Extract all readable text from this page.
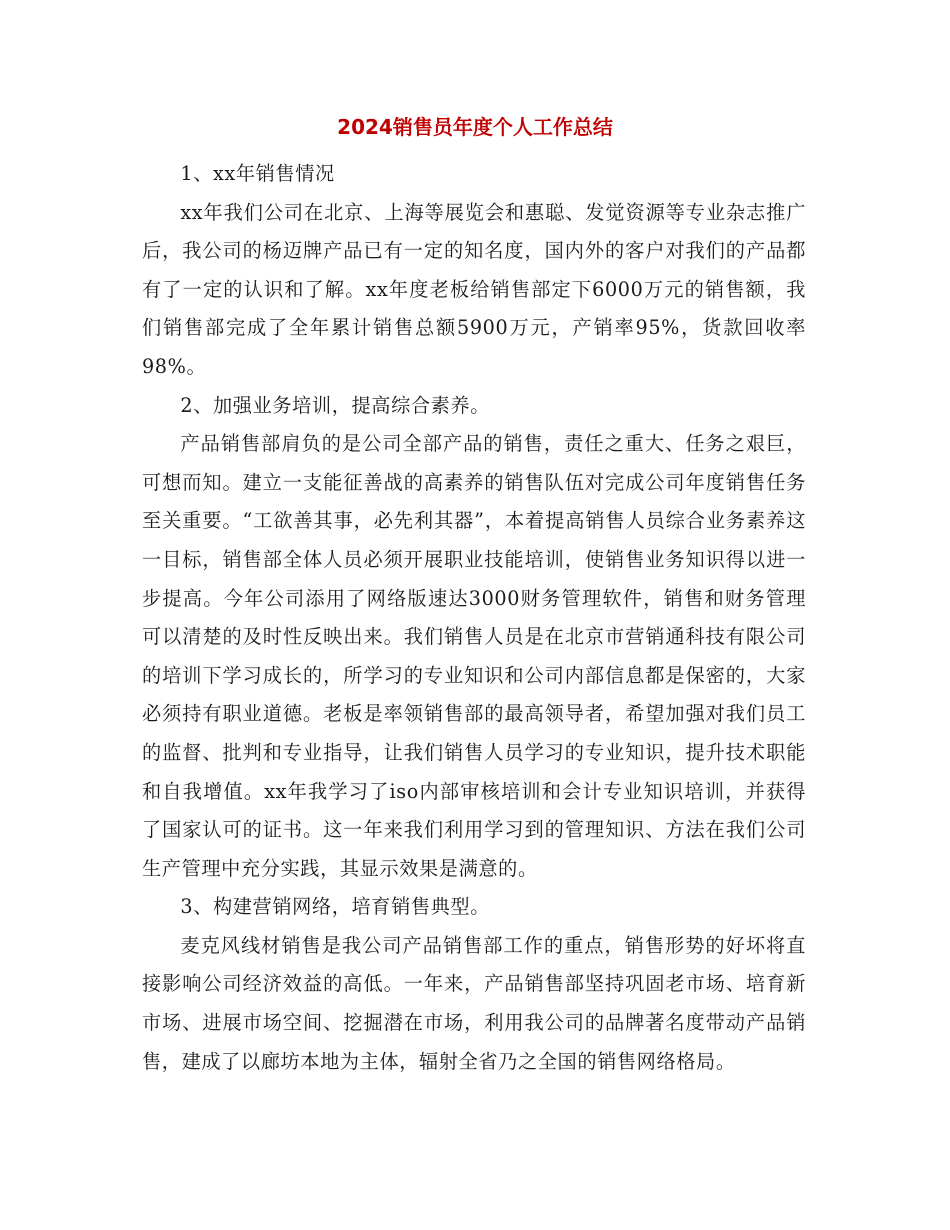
2024销售员年度个人工作总结

1、xx年销售情况

xx年我们公司在北京、上海等展览会和惠聪、发觉资源等专业杂志推广后，我公司的杨迈牌产品已有一定的知名度，国内外的客户对我们的产品都有了一定的认识和了解。xx年度老板给销售部定下6000万元的销售额，我们销售部完成了全年累计销售总额5900万元，产销率95%，货款回收率 98%。

2、加强业务培训，提高综合素养。

产品销售部肩负的是公司全部产品的销售，责任之重大、任务之艰巨，可想而知。建立一支能征善战的高素养的销售队伍对完成公司年度销售任务至关重要。“工欲善其事，必先利其器”，本着提高销售人员综合业务素养这一目标，销售部全体人员必须开展职业技能培训，使销售业务知识得以进一步提高。今年公司添用了网络版速达3000财务管理软件，销售和财务管理可以清楚的及时性反映出来。我们销售人员是在北京市营销通科技有限公司的培训下学习成长的，所学习的专业知识和公司内部信息都是保密的，大家必须持有职业道德。老板是率领销售部的最高领导者，希望加强对我们员工的监督、批判和专业指导，让我们销售人员学习的专业知识，提升技术职能和自我增值。xx年我学习了iso内部审核培训和会计专业知识培训，并获得了国家认可的证书。这一年来我们利用学习到的管理知识、方法在我们公司生产管理中充分实践，其显示效果是满意的。

3、构建营销网络，培育销售典型。

麦克风线材销售是我公司产品销售部工作的重点，销售形势的好坏将直接影响公司经济效益的高低。一年来，产品销售部坚持巩固老市场、培育新市场、进展市场空间、挖掘潜在市场，利用我公司的品牌著名度带动产品销售，建成了以廊坊本地为主体，辐射全省乃之全国的销售网络格局。
